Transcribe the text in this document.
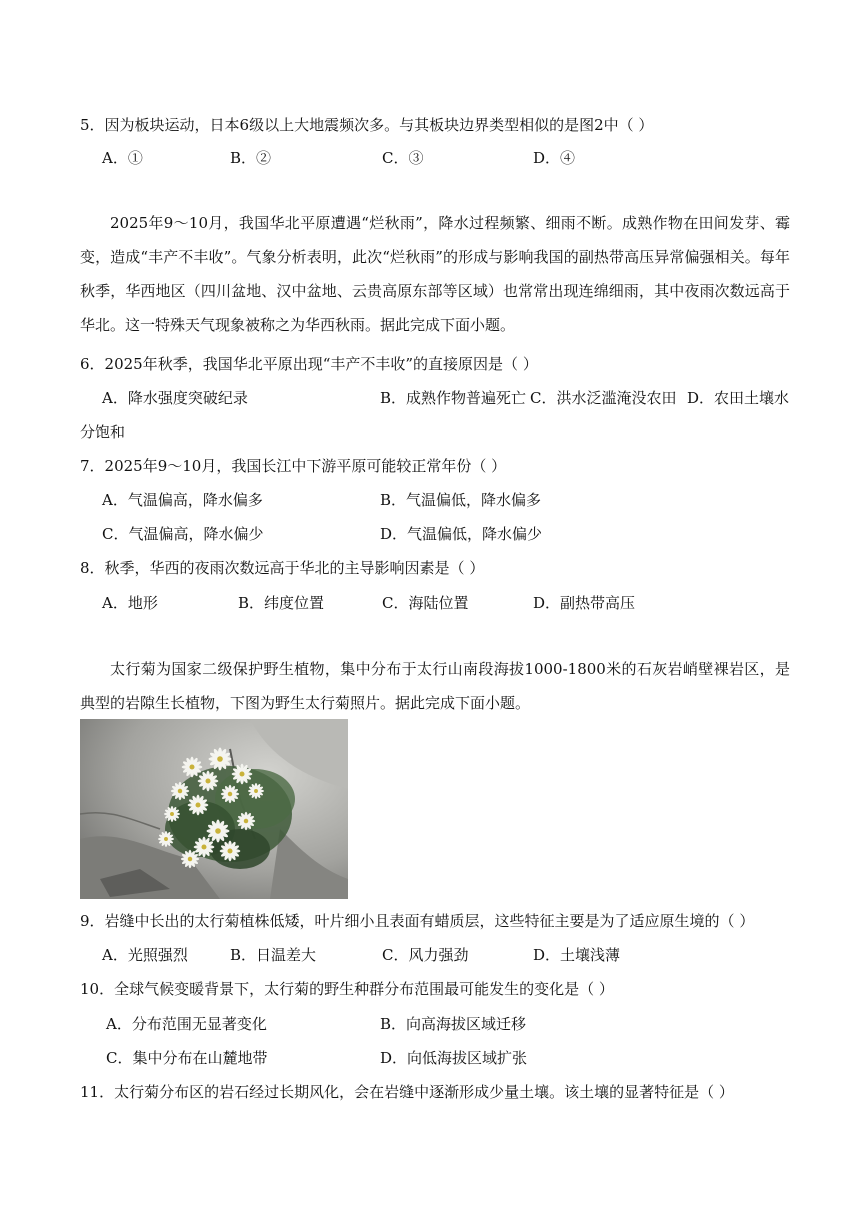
5．因为板块运动，日本6级以上大地震频次多。与其板块边界类型相似的是图2中（ ）
A．①	B．②	C．③	D．④
2025年9～10月，我国华北平原遭遇“烂秋雨”，降水过程频繁、细雨不断。成熟作物在田间发芽、霉变，造成“丰产不丰收”。气象分析表明，此次“烂秋雨”的形成与影响我国的副热带高压异常偏强相关。每年秋季，华西地区（四川盆地、汉中盆地、云贵高原东部等区域）也常常出现连绵细雨，其中夜雨次数远高于华北。这一特殊天气现象被称之为华西秋雨。据此完成下面小题。
6．2025年秋季，我国华北平原出现“丰产不丰收”的直接原因是（ ）
A．降水强度突破纪录	B．成熟作物普遍死亡 C．洪水泛滥淹没农田 D．农田土壤水
分饱和
7．2025年9～10月，我国长江中下游平原可能较正常年份（ ）
A．气温偏高，降水偏多	B．气温偏低，降水偏多
C．气温偏高，降水偏少	D．气温偏低，降水偏少
8．秋季，华西的夜雨次数远高于华北的主导影响因素是（ ）
A．地形	B．纬度位置	C．海陆位置	D．副热带高压
太行菊为国家二级保护野生植物，集中分布于太行山南段海拔1000-1800米的石灰岩峭壁裸岩区，是典型的岩隙生长植物，下图为野生太行菊照片。据此完成下面小题。
9．岩缝中长出的太行菊植株低矮，叶片细小且表面有蜡质层，这些特征主要是为了适应原生境的（ ）
A．光照强烈	B．日温差大	C．风力强劲	D．土壤浅薄
10．全球气候变暖背景下，太行菊的野生种群分布范围最可能发生的变化是（ ）
A．分布范围无显著变化	B．向高海拔区域迁移
C．集中分布在山麓地带	D．向低海拔区域扩张
11．太行菊分布区的岩石经过长期风化，会在岩缝中逐渐形成少量土壤。该土壤的显著特征是（ ）
